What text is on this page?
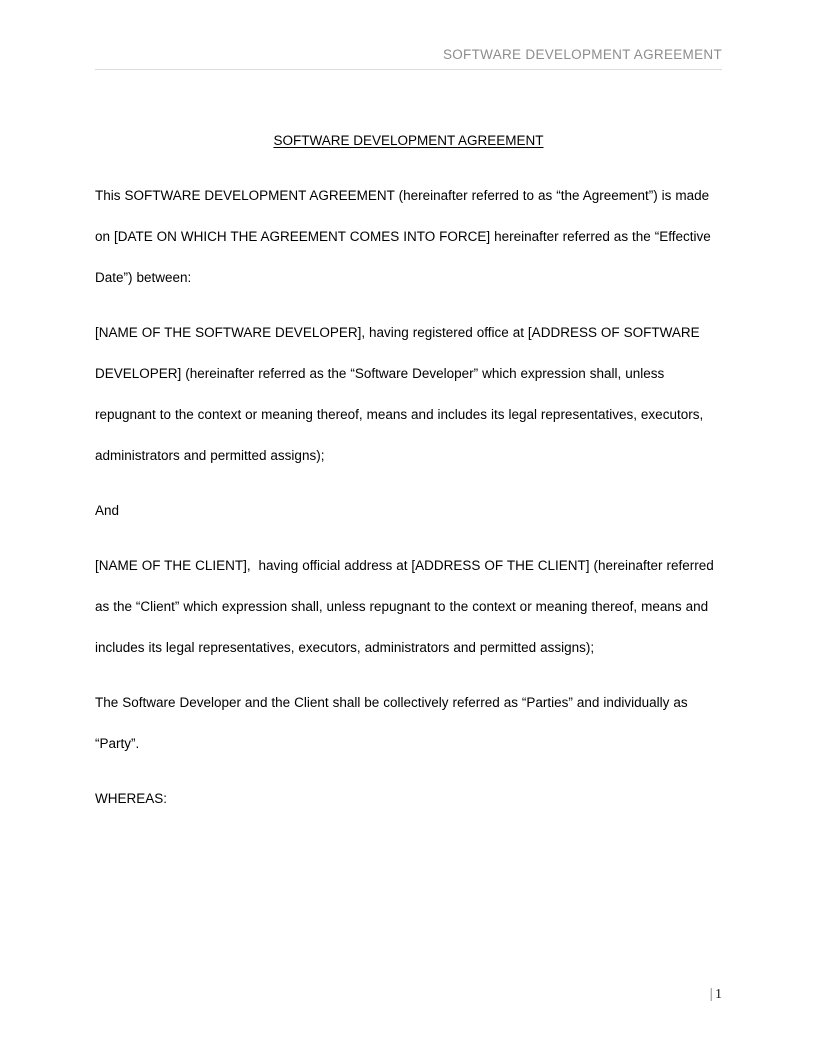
SOFTWARE DEVELOPMENT AGREEMENT
SOFTWARE DEVELOPMENT AGREEMENT

This SOFTWARE DEVELOPMENT AGREEMENT (hereinafter referred to as “the Agreement”) is made on [DATE ON WHICH THE AGREEMENT COMES INTO FORCE] hereinafter referred as the “Effective Date”) between:

[NAME OF THE SOFTWARE DEVELOPER], having registered office at [ADDRESS OF SOFTWARE DEVELOPER] (hereinafter referred as the “Software Developer” which expression shall, unless repugnant to the context or meaning thereof, means and includes its legal representatives, executors, administrators and permitted assigns);

And

[NAME OF THE CLIENT],  having official address at [ADDRESS OF THE CLIENT] (hereinafter referred as the “Client” which expression shall, unless repugnant to the context or meaning thereof, means and includes its legal representatives, executors, administrators and permitted assigns);

The Software Developer and the Client shall be collectively referred as “Parties” and individually as “Party”.

WHEREAS:

| 1
